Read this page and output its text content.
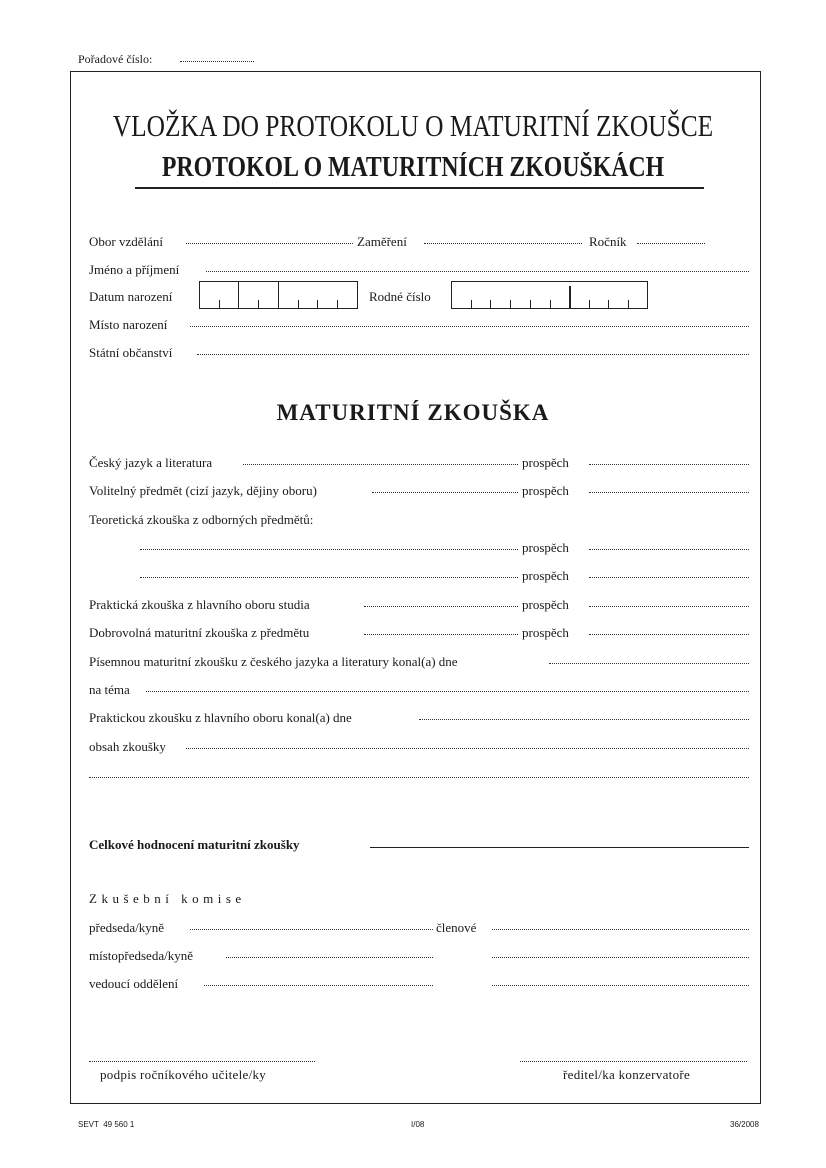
Pořadové číslo:
VLOŽKA DO PROTOKOLU O MATURITNÍ ZKOUŠCE
PROTOKOL O MATURITNÍCH ZKOUŠKÁCH
Obor vzdělání	Zaměření	Ročník
Jméno a příjmení
Datum narození	Rodné číslo
Místo narození
Státní občanství
MATURITNÍ ZKOUŠKA
Český jazyk a literatura	prospěch
Volitelný předmět (cizí jazyk, dějiny oboru)	prospěch
Teoretická zkouška z odborných předmětů:
prospěch
prospěch
Praktická zkouška z hlavního oboru studia	prospěch
Dobrovolná maturitní zkouška z předmětu	prospěch
Písemnou maturitní zkoušku z českého jazyka a literatury konal(a) dne
na téma
Praktickou zkoušku z hlavního oboru konal(a) dne
obsah zkoušky
Celkové hodnocení maturitní zkoušky
Zkušební komise
předseda/kyně	členové
místopředseda/kyně
vedoucí oddělení
podpis ročníkového učitele/ky	ředitel/ka konzervatoře
SEVT  49 560 1	I/08	36/2008
